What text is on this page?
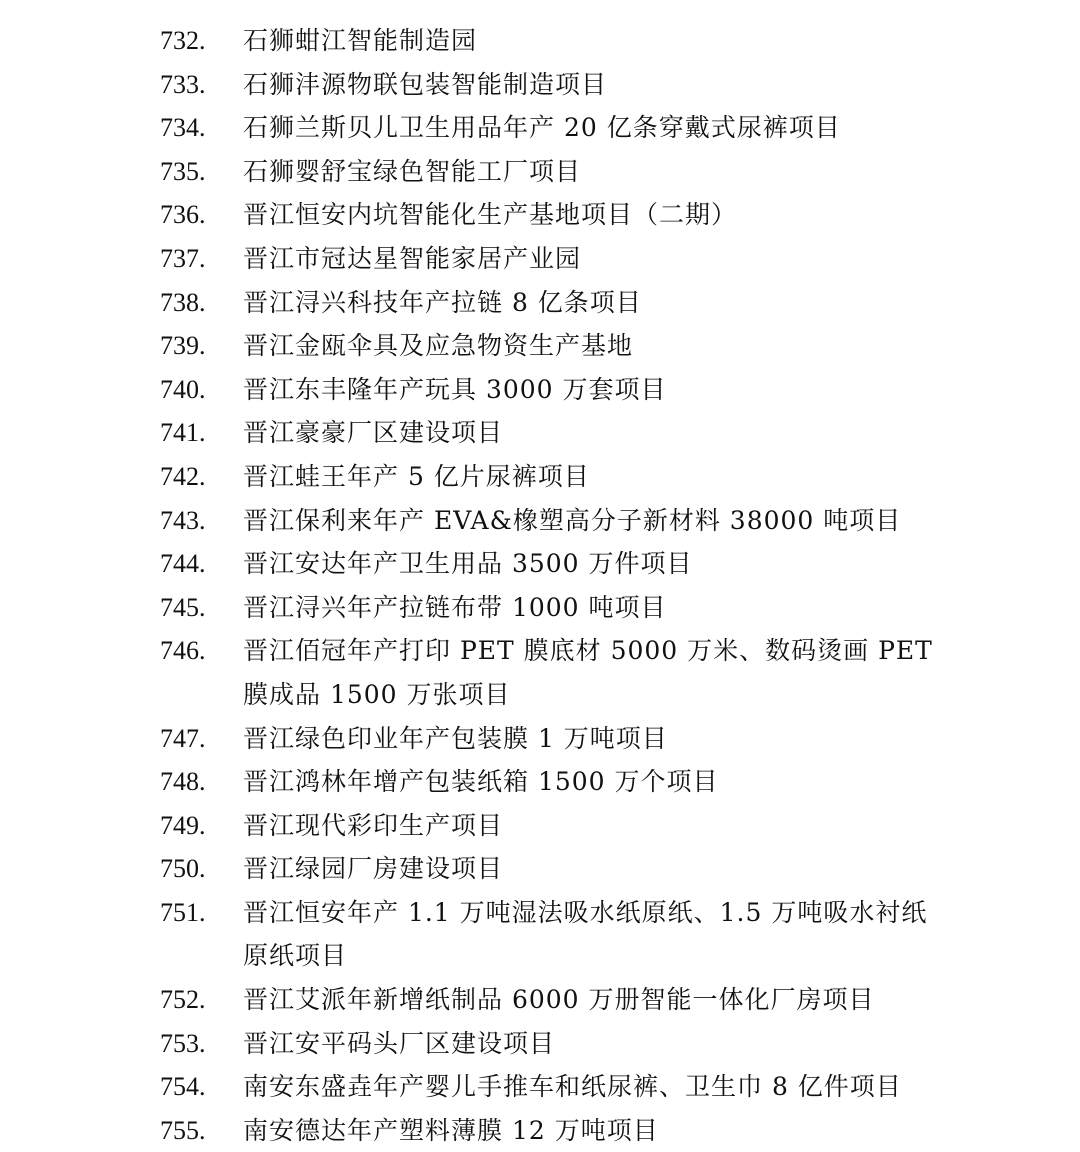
732. 石狮蚶江智能制造园
733. 石狮沣源物联包装智能制造项目
734. 石狮兰斯贝儿卫生用品年产 20 亿条穿戴式尿裤项目
735. 石狮婴舒宝绿色智能工厂项目
736. 晋江恒安内坑智能化生产基地项目（二期）
737. 晋江市冠达星智能家居产业园
738. 晋江浔兴科技年产拉链 8 亿条项目
739. 晋江金瓯伞具及应急物资生产基地
740. 晋江东丰隆年产玩具 3000 万套项目
741. 晋江豪豪厂区建设项目
742. 晋江蛙王年产 5 亿片尿裤项目
743. 晋江保利来年产 EVA&橡塑高分子新材料 38000 吨项目
744. 晋江安达年产卫生用品 3500 万件项目
745. 晋江浔兴年产拉链布带 1000 吨项目
746. 晋江佰冠年产打印 PET 膜底材 5000 万米、数码烫画 PET 膜成品 1500 万张项目
747. 晋江绿色印业年产包装膜 1 万吨项目
748. 晋江鸿林年增产包装纸箱 1500 万个项目
749. 晋江现代彩印生产项目
750. 晋江绿园厂房建设项目
751. 晋江恒安年产 1.1 万吨湿法吸水纸原纸、1.5 万吨吸水衬纸原纸项目
752. 晋江艾派年新增纸制品 6000 万册智能一体化厂房项目
753. 晋江安平码头厂区建设项目
754. 南安东盛垚年产婴儿手推车和纸尿裤、卫生巾 8 亿件项目
755. 南安德达年产塑料薄膜 12 万吨项目
